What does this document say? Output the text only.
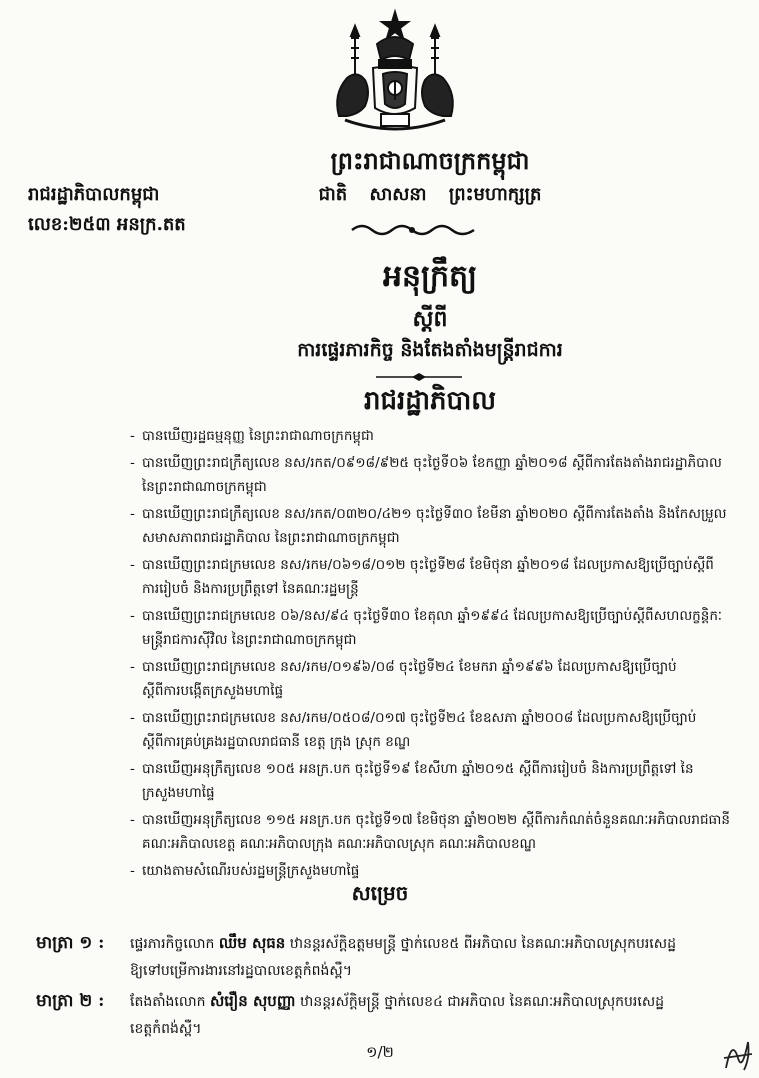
ព្រះរាជាណាចក្រកម្ពុជា
ជាតិ សាសនា ព្រះមហាក្សត្រ
រាជរដ្ឋាភិបាលកម្ពុជា
លេខ:២៥៣ អនក្រ.តត
អនុក្រឹត្យ
ស្តីពី
ការផ្ទេរភារកិច្ច និងតែងតាំងមន្ត្រីរាជការ
រាជរដ្ឋាភិបាល
- បានឃើញរដ្ឋធម្មនុញ្ញ នៃព្រះរាជាណាចក្រកម្ពុជា
- បានឃើញព្រះរាជក្រឹត្យលេខ នស/រកត/០៩១៨/៩២៥ ចុះថ្ងៃទី០៦ ខែកញ្ញា ឆ្នាំ២០១៨ ស្តីពីការតែងតាំងរាជរដ្ឋាភិបាល
នៃព្រះរាជាណាចក្រកម្ពុជា
- បានឃើញព្រះរាជក្រឹត្យលេខ នស/រកត/០៣២០/៤២១ ចុះថ្ងៃទី៣០ ខែមីនា ឆ្នាំ២០២០ ស្តីពីការតែងតាំង និងកែសម្រួល
សមាសភាពរាជរដ្ឋាភិបាល នៃព្រះរាជាណាចក្រកម្ពុជា
- បានឃើញព្រះរាជក្រមលេខ នស/រកម/០៦១៨/០១២ ចុះថ្ងៃទី២៨ ខែមិថុនា ឆ្នាំ២០១៨ ដែលប្រកាសឱ្យប្រើច្បាប់ស្តីពី
ការរៀបចំ និងការប្រព្រឹត្តទៅ នៃគណៈរដ្ឋមន្ត្រី
- បានឃើញព្រះរាជក្រមលេខ ០៦/នស/៩៤ ចុះថ្ងៃទី៣០ ខែតុលា ឆ្នាំ១៩៩៤ ដែលប្រកាសឱ្យប្រើច្បាប់ស្តីពីសហលក្ខន្តិកៈ
មន្ត្រីរាជការស៊ីវិល នៃព្រះរាជាណាចក្រកម្ពុជា
- បានឃើញព្រះរាជក្រមលេខ នស/រកម/០១៩៦/០៨ ចុះថ្ងៃទី២៤ ខែមករា ឆ្នាំ១៩៩៦ ដែលប្រកាសឱ្យប្រើច្បាប់
ស្តីពីការបង្កើតក្រសួងមហាផ្ទៃ
- បានឃើញព្រះរាជក្រមលេខ នស/រកម/០៥០៨/០១៧ ចុះថ្ងៃទី២៤ ខែឧសភា ឆ្នាំ២០០៨ ដែលប្រកាសឱ្យប្រើច្បាប់
ស្តីពីការគ្រប់គ្រងរដ្ឋបាលរាជធានី ខេត្ត ក្រុង ស្រុក ខណ្ឌ
- បានឃើញអនុក្រឹត្យលេខ ១០៥ អនក្រ.បក ចុះថ្ងៃទី១៩ ខែសីហា ឆ្នាំ២០១៥ ស្តីពីការរៀបចំ និងការប្រព្រឹត្តទៅ នៃ
ក្រសួងមហាផ្ទៃ
- បានឃើញអនុក្រឹត្យលេខ ១១៥ អនក្រ.បក ចុះថ្ងៃទី១៧ ខែមិថុនា ឆ្នាំ២០២២ ស្តីពីការកំណត់ចំនួនគណៈអភិបាលរាជធានី
គណៈអភិបាលខេត្ត គណៈអភិបាលក្រុង គណៈអភិបាលស្រុក គណៈអភិបាលខណ្ឌ
- យោងតាមសំណើរបស់រដ្ឋមន្ត្រីក្រសួងមហាផ្ទៃ
សម្រេច
មាត្រា ១ : ផ្ទេរភារកិច្ចលោក ឈឹម សុធន ឋានន្តរស័ក្តិឧត្តមមន្ត្រី ថ្នាក់លេខ៥ ពីអភិបាល នៃគណៈអភិបាលស្រុកបរសេដ្ឋ
ឱ្យទៅបម្រើការងារនៅរដ្ឋបាលខេត្តកំពង់ស្ពឺ។
មាត្រា ២ : តែងតាំងលោក សំរឿន សុបញ្ញា ឋានន្តរស័ក្តិមន្ត្រី ថ្នាក់លេខ៤ ជាអភិបាល នៃគណៈអភិបាលស្រុកបរសេដ្ឋ
ខេត្តកំពង់ស្ពឺ។
១/២
